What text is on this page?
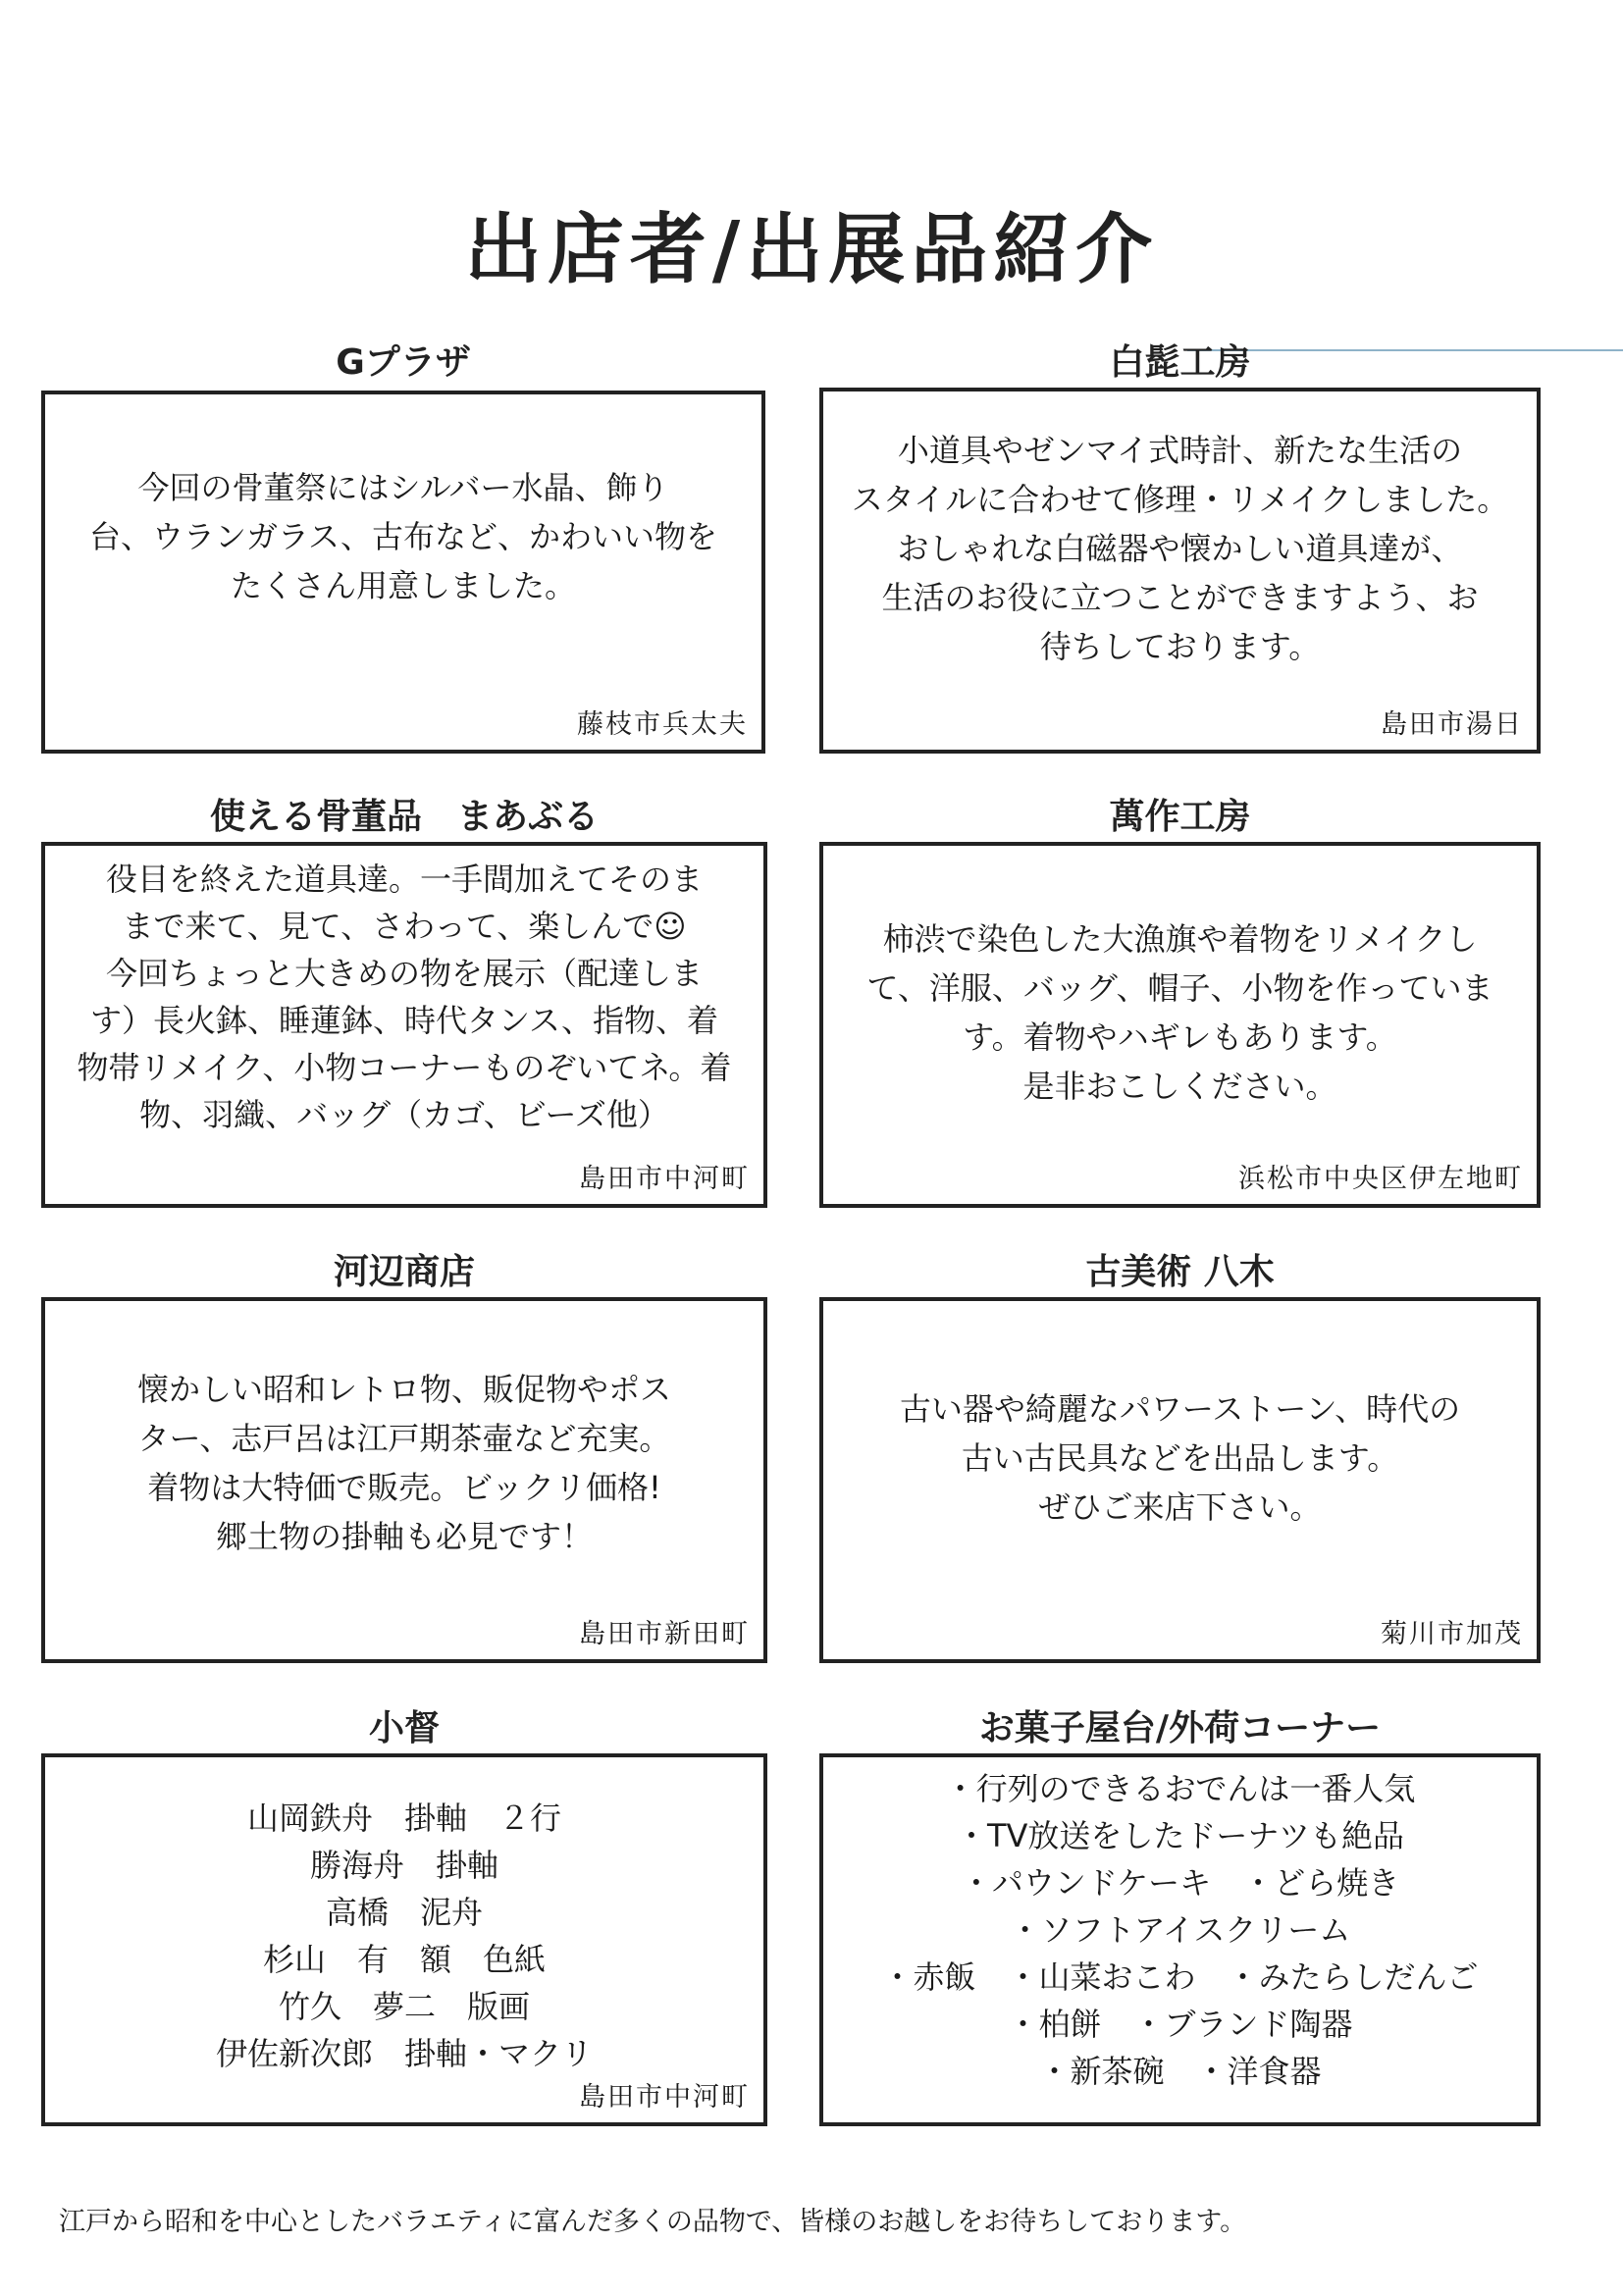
出店者/出展品紹介
Gプラザ
今回の骨董祭にはシルバー水晶、飾り
台、ウランガラス、古布など、かわいい物を
たくさん用意しました。
藤枝市兵太夫
白髭工房
小道具やゼンマイ式時計、新たな生活の
スタイルに合わせて修理・リメイクしました。
おしゃれな白磁器や懐かしい道具達が、
生活のお役に立つことができますよう、お
待ちしております。
島田市湯日
使える骨董品　まあぶる
役目を終えた道具達。一手間加えてそのま
まで来て、見て、さわって、楽しんで☺
今回ちょっと大きめの物を展示（配達しま
す）長火鉢、睡蓮鉢、時代タンス、指物、着
物帯リメイク、小物コーナーものぞいてネ。着
物、羽織、バッグ（カゴ、ビーズ他）
島田市中河町
萬作工房
柿渋で染色した大漁旗や着物をリメイクし
て、洋服、バッグ、帽子、小物を作っていま
す。着物やハギレもあります。
是非おこしください。
浜松市中央区伊左地町
河辺商店
懐かしい昭和レトロ物、販促物やポス
ター、志戸呂は江戸期茶壷など充実。
着物は大特価で販売。ビックリ価格!
郷土物の掛軸も必見です！
島田市新田町
古美術 八木
古い器や綺麗なパワーストーン、時代の
古い古民具などを出品します。
ぜひご来店下さい。
菊川市加茂
小督
山岡鉄舟　掛軸　２行
勝海舟　掛軸
高橋　泥舟
杉山　有　額　色紙
竹久　夢二　版画
伊佐新次郎　掛軸・マクリ
島田市中河町
お菓子屋台/外荷コーナー
・行列のできるおでんは一番人気
・TV放送をしたドーナツも絶品
・パウンドケーキ　・どら焼き
・ソフトアイスクリーム
・赤飯　・山菜おこわ　・みたらしだんご
・柏餅　・ブランド陶器
・新茶碗　・洋食器
江戸から昭和を中心としたバラエティに富んだ多くの品物で、皆様のお越しをお待ちしております。
